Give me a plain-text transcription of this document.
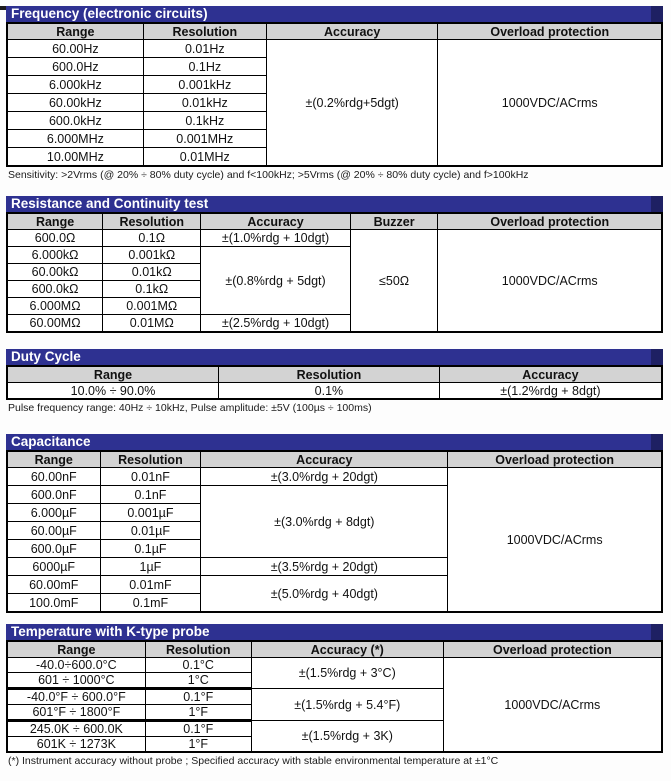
Frequency (electronic circuits)
Range	Resolution	Accuracy	Overload protection
60.00Hz	0.01Hz	±(0.2%rdg+5dgt)	1000VDC/ACrms
600.0Hz	0.1Hz		
6.000kHz	0.001kHz		
60.00kHz	0.01kHz		
600.0kHz	0.1kHz		
6.000MHz	0.001MHz		
10.00MHz	0.01MHz		
Sensitivity: >2Vrms (@ 20% ÷ 80% duty cycle) and f<100kHz; >5Vrms (@ 20% ÷ 80% duty cycle) and f>100kHz
Resistance and Continuity test
Range	Resolution	Accuracy	Buzzer	Overload protection
600.0Ω	0.1Ω	±(1.0%rdg + 10dgt)	≤50Ω	1000VDC/ACrms
6.000kΩ	0.001kΩ	±(0.8%rdg + 5dgt)		
60.00kΩ	0.01kΩ			
600.0kΩ	0.1kΩ			
6.000MΩ	0.001MΩ			
60.00MΩ	0.01MΩ	±(2.5%rdg + 10dgt)		
Duty Cycle
Range	Resolution	Accuracy
10.0% ÷ 90.0%	0.1%	±(1.2%rdg + 8dgt)
Pulse frequency range: 40Hz ÷ 10kHz, Pulse amplitude: ±5V (100µs ÷ 100ms)
Capacitance
Range	Resolution	Accuracy	Overload protection
60.00nF	0.01nF	±(3.0%rdg + 20dgt)	1000VDC/ACrms
600.0nF	0.1nF	±(3.0%rdg + 8dgt)	
6.000µF	0.001µF		
60.00µF	0.01µF		
600.0µF	0.1µF		
6000µF	1µF	±(3.5%rdg + 20dgt)	
60.00mF	0.01mF	±(5.0%rdg + 40dgt)	
100.0mF	0.1mF		
Temperature with K-type probe
Range	Resolution	Accuracy (*)	Overload protection
-40.0÷600.0°C	0.1°C	±(1.5%rdg + 3°C)	1000VDC/ACrms
601 ÷ 1000°C	1°C		
-40.0°F ÷ 600.0°F	0.1°F	±(1.5%rdg + 5.4°F)	
601°F ÷ 1800°F	1°F		
245.0K ÷ 600.0K	0.1°F	±(1.5%rdg + 3K)	
601K ÷ 1273K	1°F		
(*) Instrument accuracy without probe ; Specified accuracy with stable environmental temperature at ±1°C
